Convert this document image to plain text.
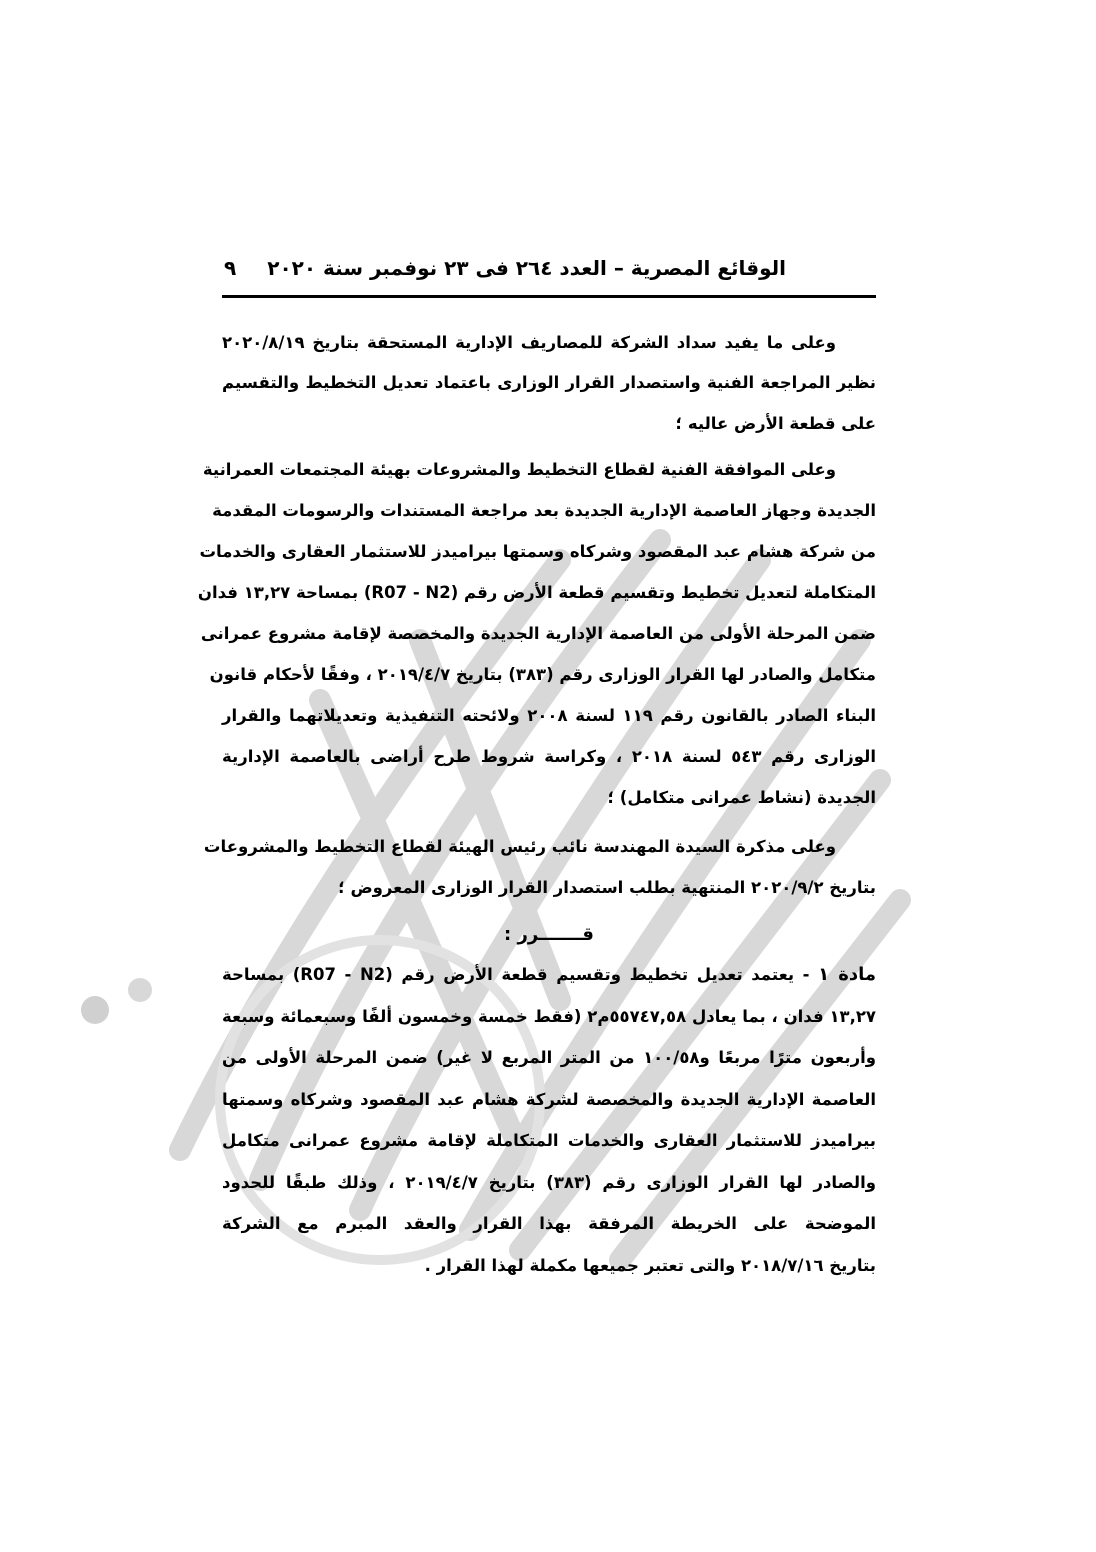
الوقائع المصرية – العدد ٢٦٤ فى ٢٣ نوفمبر سنة ٢٠٢٠
٩
وعلى ما يفيد سداد الشركة للمصاريف الإدارية المستحقة بتاريخ ٢٠٢٠/٨/١٩
نظير المراجعة الفنية واستصدار القرار الوزارى باعتماد تعديل التخطيط والتقسيم
على قطعة الأرض عاليه ؛
وعلى الموافقة الفنية لقطاع التخطيط والمشروعات بهيئة المجتمعات العمرانية
الجديدة وجهاز العاصمة الإدارية الجديدة بعد مراجعة المستندات والرسومات المقدمة
من شركة هشام عبد المقصود وشركاه وسمتها بيراميدز للاستثمار العقارى والخدمات
المتكاملة لتعديل تخطيط وتقسيم قطعة الأرض رقم (R07 - N2) بمساحة ١٣,٢٧ فدان
ضمن المرحلة الأولى من العاصمة الإدارية الجديدة والمخصصة لإقامة مشروع عمرانى
متكامل والصادر لها القرار الوزارى رقم (٣٨٣) بتاريخ ٢٠١٩/٤/٧ ، وفقًا لأحكام قانون
البناء الصادر بالقانون رقم ١١٩ لسنة ٢٠٠٨ ولائحته التنفيذية وتعديلاتهما والقرار
الوزارى رقم ٥٤٣ لسنة ٢٠١٨ ، وكراسة شروط طرح أراضى بالعاصمة الإدارية
الجديدة (نشاط عمرانى متكامل) ؛
وعلى مذكرة السيدة المهندسة نائب رئيس الهيئة لقطاع التخطيط والمشروعات
بتاريخ ٢٠٢٠/٩/٢ المنتهية بطلب استصدار القرار الوزارى المعروض ؛
قـــــــرر :
مادة ١ - يعتمد تعديل تخطيط وتقسيم قطعة الأرض رقم (R07 - N2) بمساحة
١٣,٢٧ فدان ، بما يعادل ٥٥٧٤٧,٥٨م٢ (فقط خمسة وخمسون ألفًا وسبعمائة وسبعة
وأربعون مترًا مربعًا و١٠٠/٥٨ من المتر المربع لا غير) ضمن المرحلة الأولى من
العاصمة الإدارية الجديدة والمخصصة لشركة هشام عبد المقصود وشركاه وسمتها
بيراميدز للاستثمار العقارى والخدمات المتكاملة لإقامة مشروع عمرانى متكامل
والصادر لها القرار الوزارى رقم (٣٨٣) بتاريخ ٢٠١٩/٤/٧ ، وذلك طبقًا للحدود
الموضحة على الخريطة المرفقة بهذا القرار والعقد المبرم مع الشركة
بتاريخ ٢٠١٨/٧/١٦ والتى تعتبر جميعها مكملة لهذا القرار .
